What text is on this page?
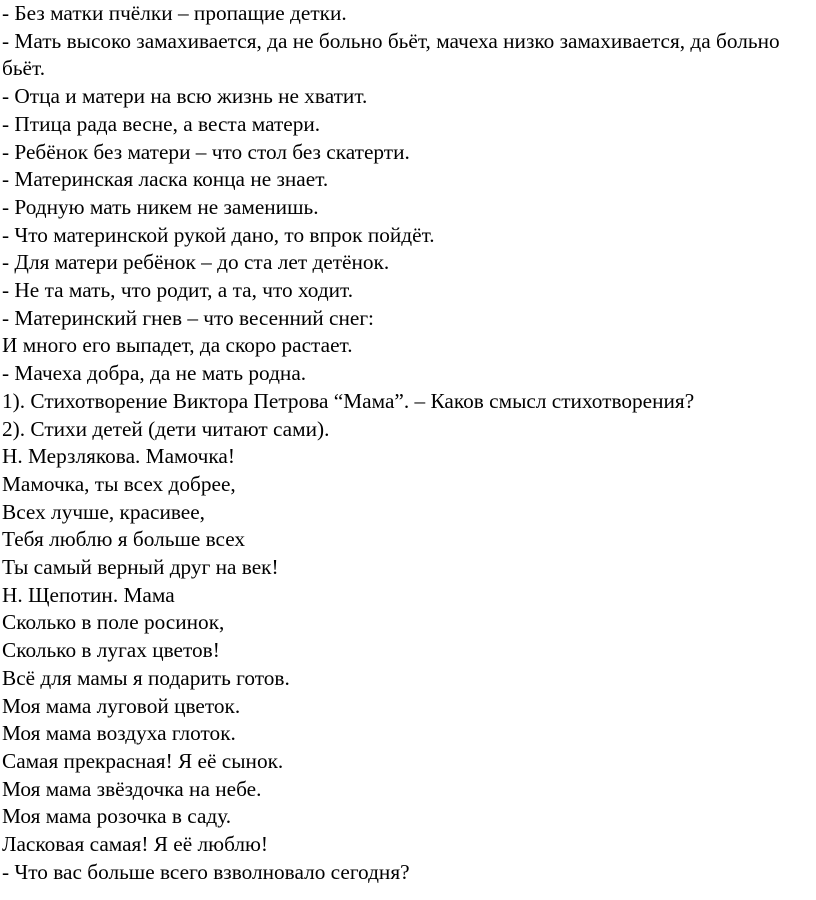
- Без матки пчёлки – пропащие детки.
- Мать высоко замахивается, да не больно бьёт, мачеха низко замахивается, да больно бьёт.
- Отца и матери на всю жизнь не хватит.
- Птица рада весне, а веста матери.
- Ребёнок без матери – что стол без скатерти.
- Материнская ласка конца не знает.
- Родную мать никем не заменишь.
- Что материнской рукой дано, то впрок пойдёт.
- Для матери ребёнок – до ста лет детёнок.
- Не та мать, что родит, а та, что ходит.
- Материнский гнев – что весенний снег:
И много его выпадет, да скоро растает.
- Мачеха добра, да не мать родна.
1). Стихотворение Виктора Петрова “Мама”. – Каков смысл стихотворения?
2). Стихи детей (дети читают сами).
Н. Мерзлякова. Мамочка!
Мамочка, ты всех добрее,
Всех лучше, красивее,
Тебя люблю я больше всех
Ты самый верный друг на век!
Н. Щепотин. Мама
Сколько в поле росинок,
Сколько в лугах цветов!
Всё для мамы я подарить готов.
Моя мама луговой цветок.
Моя мама воздуха глоток.
Самая прекрасная! Я её сынок.
Моя мама звёздочка на небе.
Моя мама розочка в саду.
Ласковая самая! Я её люблю!
- Что вас больше всего взволновало сегодня?
